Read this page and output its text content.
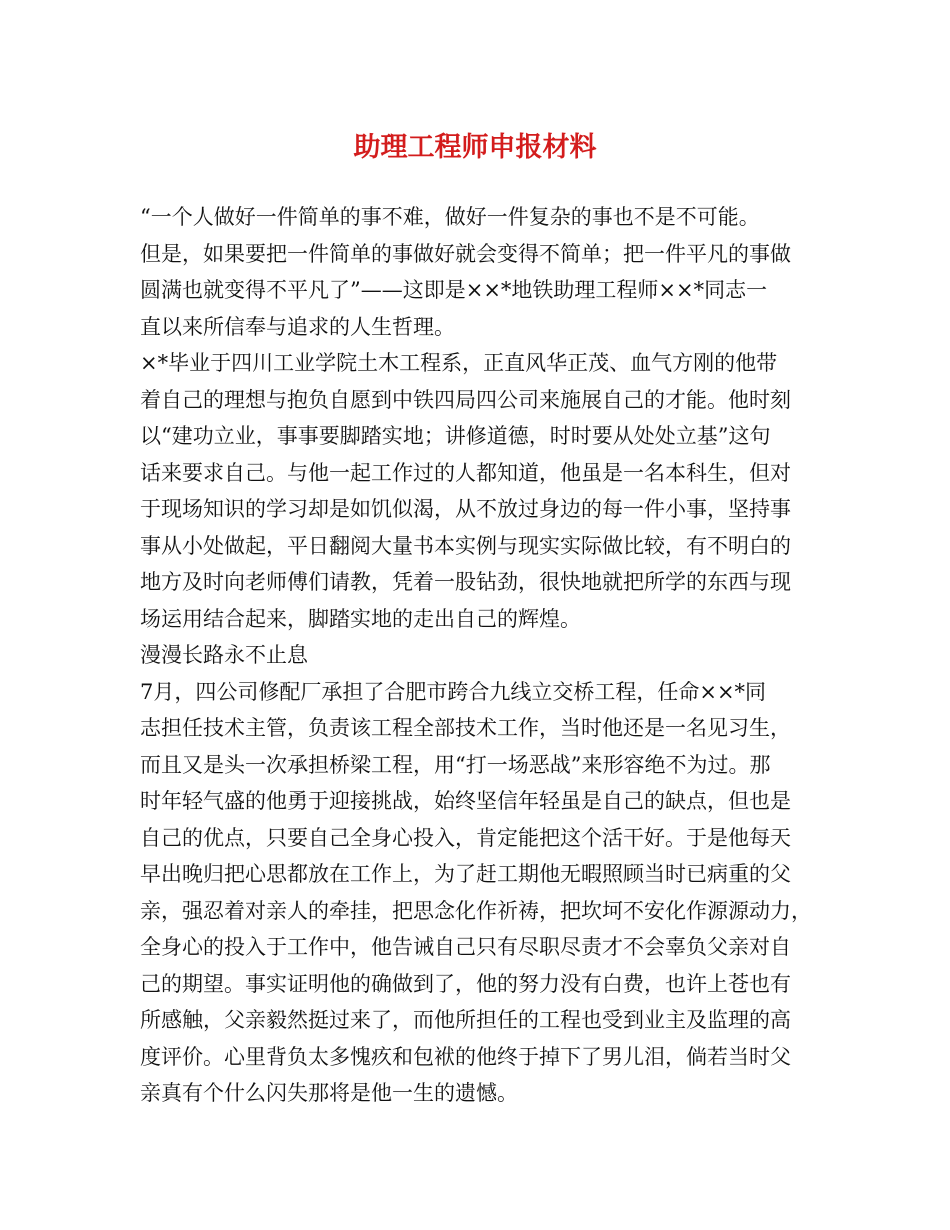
助理工程师申报材料
“一个人做好一件简单的事不难，做好一件复杂的事也不是不可能。
但是，如果要把一件简单的事做好就会变得不简单；把一件平凡的事做
圆满也就变得不平凡了”——这即是××*地铁助理工程师××*同志一
直以来所信奉与追求的人生哲理。
×*毕业于四川工业学院土木工程系，正直风华正茂、血气方刚的他带
着自己的理想与抱负自愿到中铁四局四公司来施展自己的才能。他时刻
以“建功立业，事事要脚踏实地；讲修道德，时时要从处处立基”这句
话来要求自己。与他一起工作过的人都知道，他虽是一名本科生，但对
于现场知识的学习却是如饥似渴，从不放过身边的每一件小事，坚持事
事从小处做起，平日翻阅大量书本实例与现实实际做比较，有不明白的
地方及时向老师傅们请教，凭着一股钻劲，很快地就把所学的东西与现
场运用结合起来，脚踏实地的走出自己的辉煌。
漫漫长路永不止息
7月，四公司修配厂承担了合肥市跨合九线立交桥工程，任命××*同
志担任技术主管，负责该工程全部技术工作，当时他还是一名见习生，
而且又是头一次承担桥梁工程，用“打一场恶战”来形容绝不为过。那
时年轻气盛的他勇于迎接挑战，始终坚信年轻虽是自己的缺点，但也是
自己的优点，只要自己全身心投入，肯定能把这个活干好。于是他每天
早出晚归把心思都放在工作上，为了赶工期他无暇照顾当时已病重的父
亲，强忍着对亲人的牵挂，把思念化作祈祷，把坎坷不安化作源源动力，
全身心的投入于工作中，他告诫自己只有尽职尽责才不会辜负父亲对自
己的期望。事实证明他的确做到了，他的努力没有白费，也许上苍也有
所感触，父亲毅然挺过来了，而他所担任的工程也受到业主及监理的高
度评价。心里背负太多愧疚和包袱的他终于掉下了男儿泪，倘若当时父
亲真有个什么闪失那将是他一生的遗憾。
